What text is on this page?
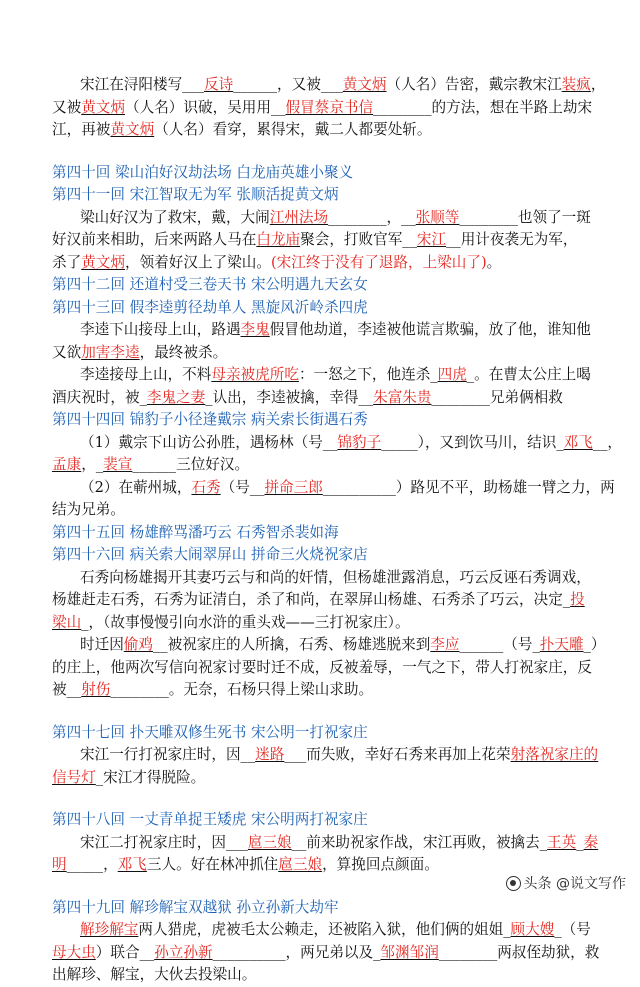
宋江在浔阳楼写___反诗______，又被___黄文炳（人名）告密，戴宗教宋江装疯，
又被黄文炳（人名）识破，吴用用__假冒蔡京书信________的方法，想在半路上劫宋
江，再被黄文炳（人名）看穿，累得宋，戴二人都要处斩。
第四十回 梁山泊好汉劫法场 白龙庙英雄小聚义
第四十一回 宋江智取无为军 张顺活捉黄文炳
梁山好汉为了救宋，戴，大闹江州法场________，__张顺等________也领了一斑
好汉前来相助，后来两路人马在白龙庙聚会，打败官军__宋江__用计夜袭无为军，
杀了黄文炳，领着好汉上了梁山。(宋江终于没有了退路，上梁山了)。
第四十二回 还道村受三卷天书 宋公明遇九天玄女
第四十三回 假李逵剪径劫单人 黑旋风沂岭杀四虎
李逵下山接母上山，路遇李鬼假冒他劫道，李逵被他谎言欺骗，放了他，谁知他
又欲加害李逵，最终被杀。
李逵接母上山，不料母亲被虎所吃：一怒之下，他连杀_四虎_。在曹太公庄上喝
酒庆祝时，被_李鬼之妻_认出，李逵被擒，幸得__朱富朱贵________兄弟俩相救
第四十四回 锦豹子小径逢戴宗 病关索长街遇石秀
（1）戴宗下山访公孙胜，遇杨林（号__锦豹子_____），又到饮马川，结识_邓飞__，
孟康，_裴宣______三位好汉。
（2）在蕲州城，石秀（号__拼命三郎__________）路见不平，助杨雄一臂之力，两
结为兄弟。
第四十五回 杨雄醉骂潘巧云 石秀智杀裴如海
第四十六回 病关索大闹翠屏山 拼命三火烧祝家店
石秀向杨雄揭开其妻巧云与和尚的奸情，但杨雄泄露消息，巧云反诬石秀调戏，
杨雄赶走石秀，石秀为证清白，杀了和尚，在翠屏山杨雄、石秀杀了巧云，决定_投
梁山_，（故事慢慢引向水浒的重头戏——三打祝家庄）。
时迁因偷鸡__被祝家庄的人所擒，石秀、杨雄逃脱来到李应______（号_扑天雕_）
的庄上，他两次写信向祝家讨要时迁不成，反被羞辱，一气之下，带人打祝家庄，反
被__射伤________。无奈，石杨只得上梁山求助。
第四十七回 扑天雕双修生死书 宋公明一打祝家庄
宋江一行打祝家庄时，因__迷路___而失败，幸好石秀来再加上花荣射落祝家庄的
信号灯_宋江才得脱险。
第四十八回 一丈青单捉王矮虎 宋公明两打祝家庄
宋江二打祝家庄时，因___扈三娘__前来助祝家作战，宋江再败，被擒去_王英_秦
明_____，邓飞三人。好在林冲抓住扈三娘，算挽回点颜面。
第四十九回 解珍解宝双越狱 孙立孙新大劫牢
解珍解宝两人猎虎，虎被毛太公赖走，还被陷入狱，他们俩的姐姐_顾大嫂_（号
母大虫）联合__孙立孙新__________，两兄弟以及_邹渊邹润________两叔侄劫狱，救
出解珍、解宝，大伙去投梁山。
头条 @说文写作
